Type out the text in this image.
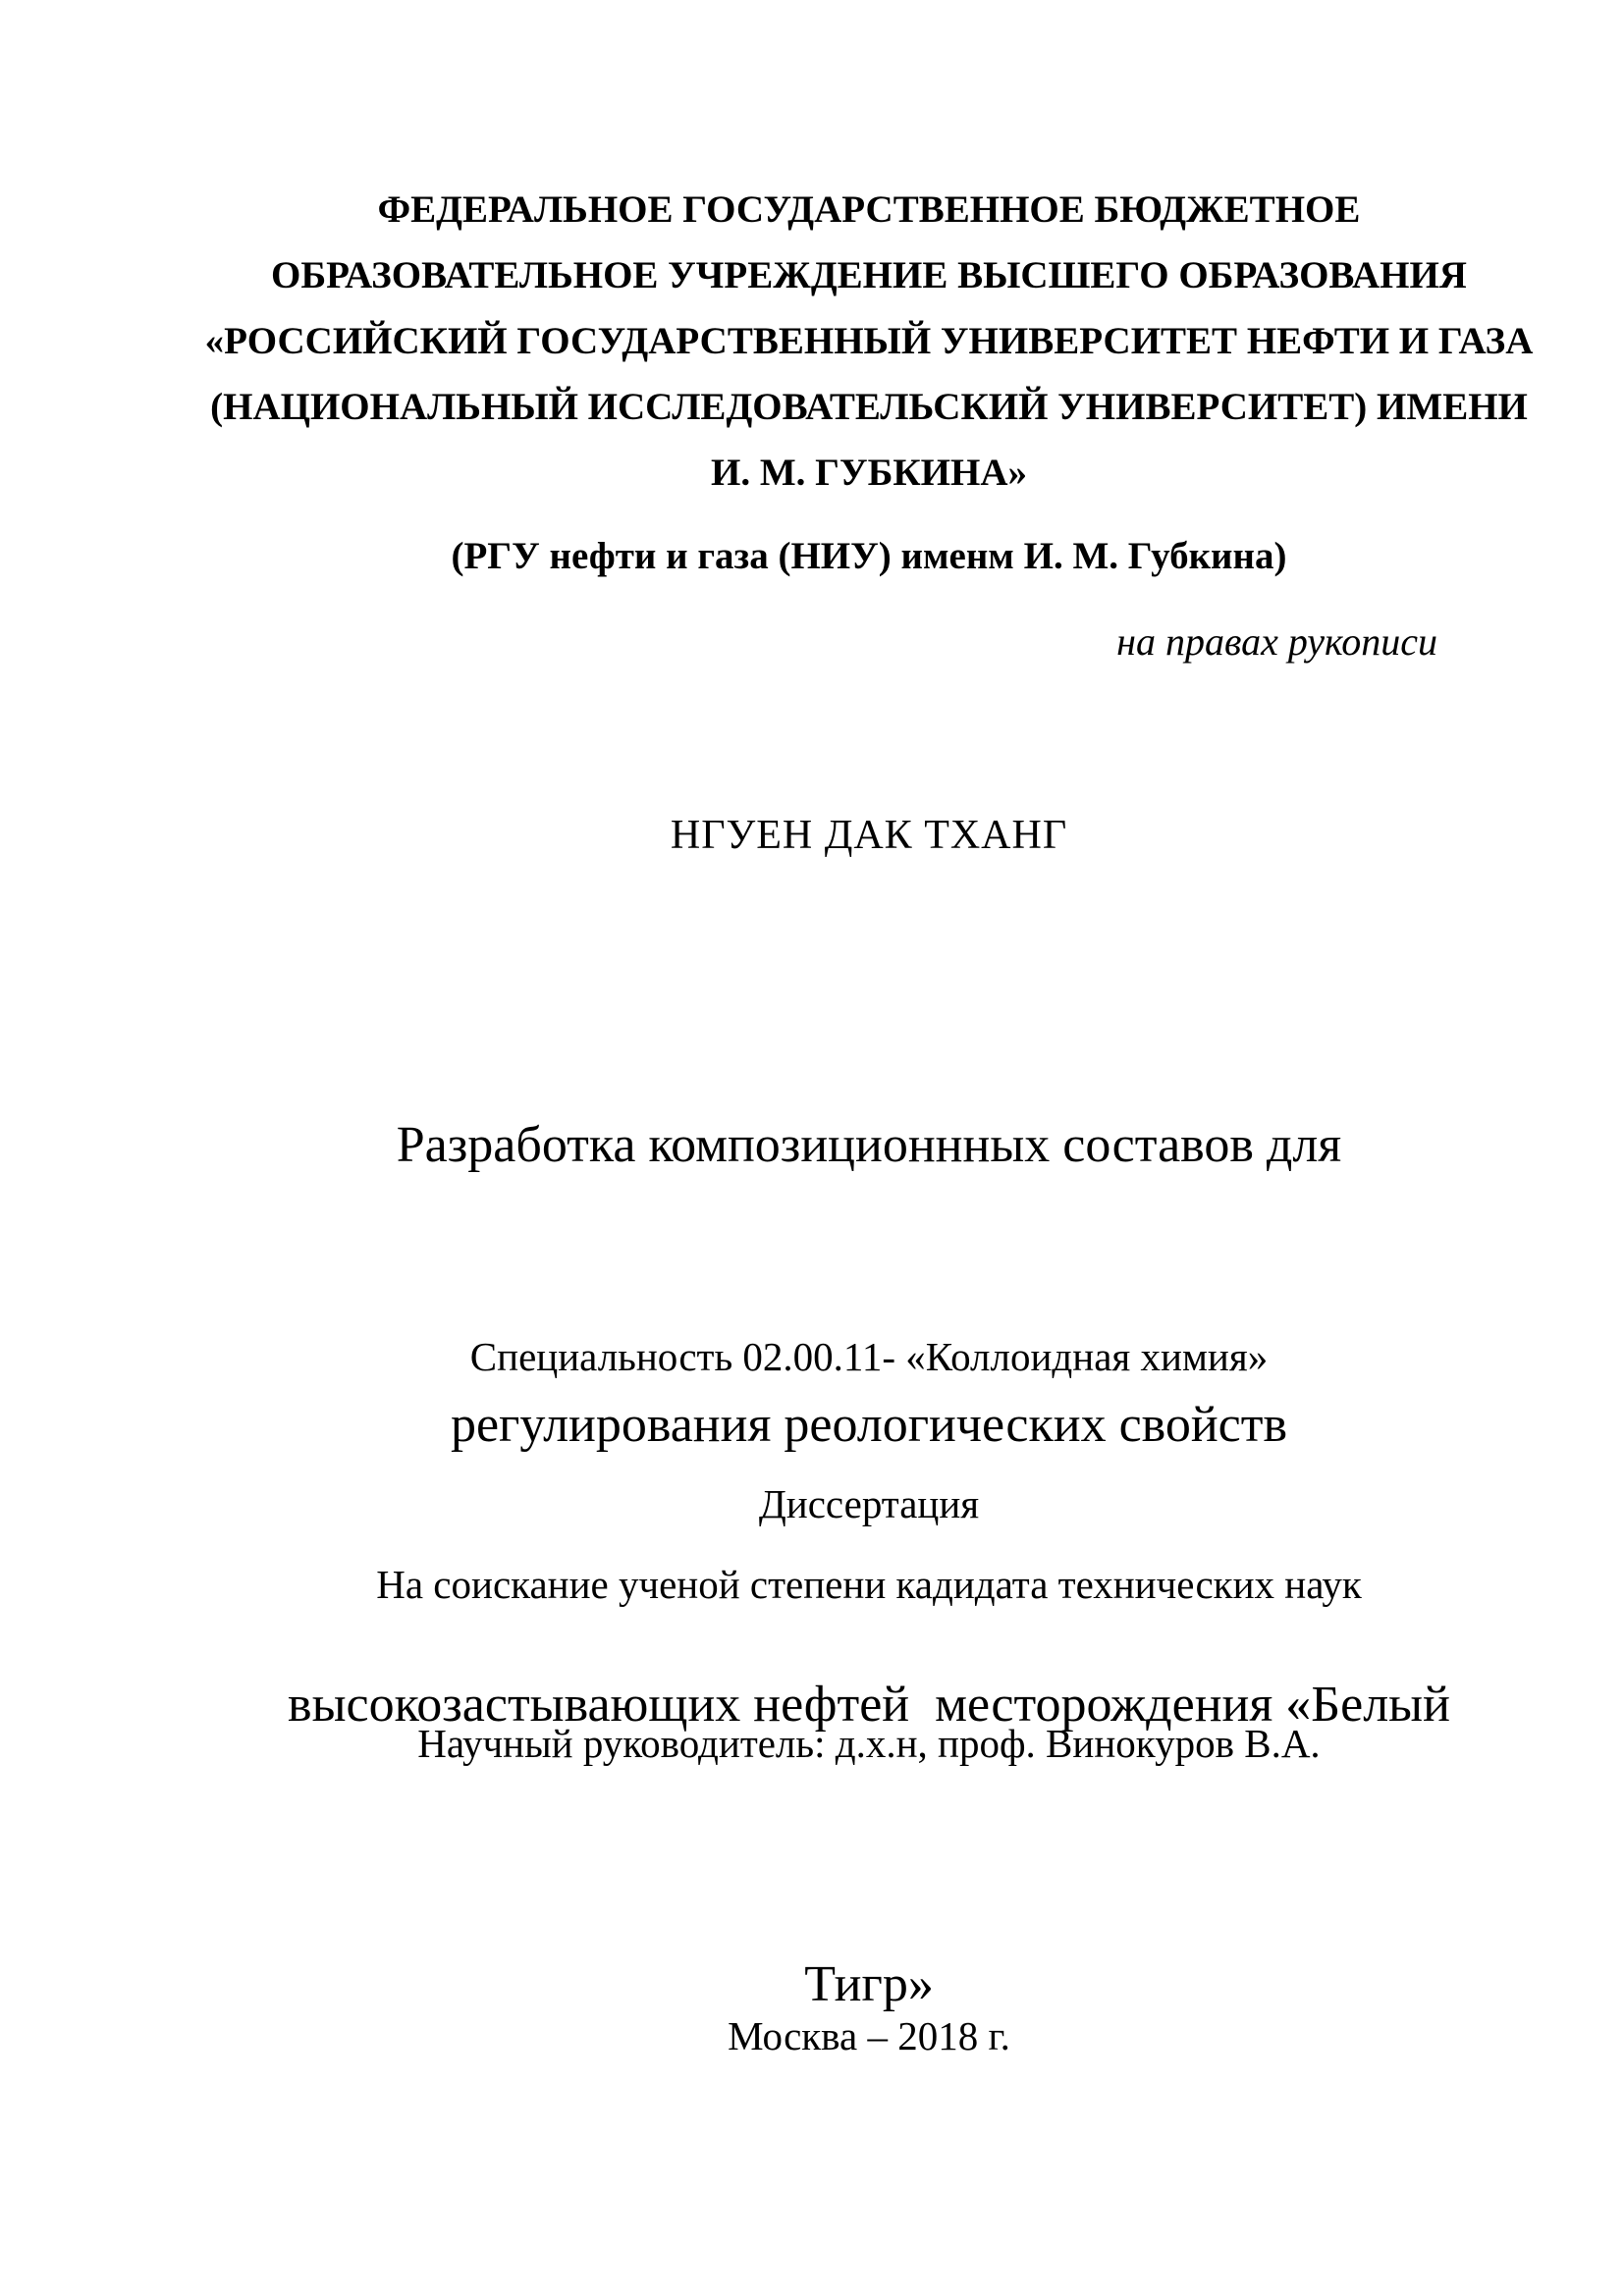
ФЕДЕРАЛЬНОЕ ГОСУДАРСТВЕННОЕ БЮДЖЕТНОЕ
ОБРАЗОВАТЕЛЬНОЕ УЧРЕЖДЕНИЕ ВЫСШЕГО ОБРАЗОВАНИЯ
«РОССИЙСКИЙ ГОСУДАРСТВЕННЫЙ УНИВЕРСИТЕТ НЕФТИ И ГАЗА
(НАЦИОНАЛЬНЫЙ ИССЛЕДОВАТЕЛЬСКИЙ УНИВЕРСИТЕТ) ИМЕНИ
И. М. ГУБКИНА»
(РГУ нефти и газа (НИУ) именм И. М. Губкина)
на правах рукописи
НГУЕН ДАК ТХАНГ

Разработка композиционнных составов для

регулирования реологических свойств

высокозастывающих нефтей  месторождения «Белый

Тигр»

Специальность 02.00.11- «Коллоидная химия»
Диссертация
На соискание ученой степени кадидата технических наук
Научный руководитель: д.х.н, проф. Винокуров В.А.
Москва – 2018 г.
